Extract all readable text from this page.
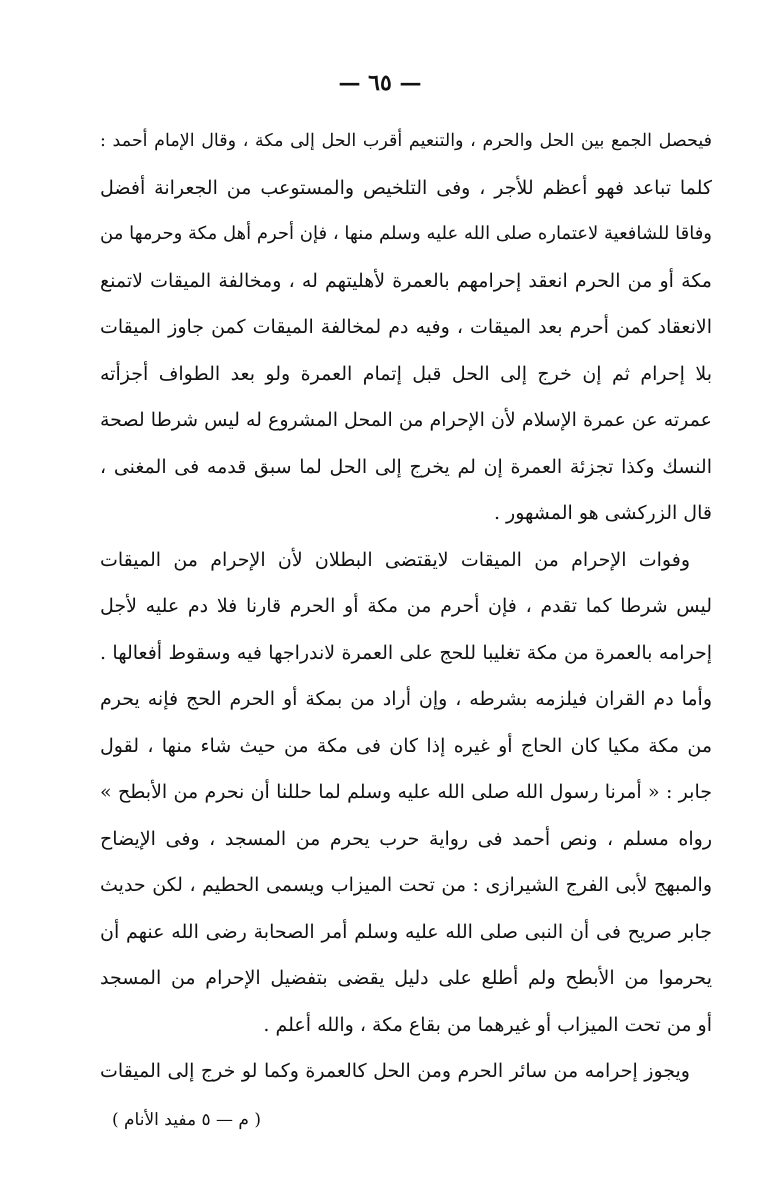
— ٦٥ —
فيحصل الجمع بين الحل والحرم ، والتنعيم أقرب الحل إلى مكة ، وقال الإمام أحمد :
كلما تباعد فهو أعظم للأجر ، وفى التلخيص والمستوعب من الجعرانة أفضل
وفاقا للشافعية لاعتماره صلى الله عليه وسلم منها ، فإن أحرم أهل مكة وحرمها من
مكة أو من الحرم انعقد إحرامهم بالعمرة لأهليتهم له ، ومخالفة الميقات لاتمنع
الانعقاد كمن أحرم بعد الميقات ، وفيه دم لمخالفة الميقات كمن جاوز الميقات
بلا إحرام ثم إن خرج إلى الحل قبل إتمام العمرة ولو بعد الطواف أجزأته
عمرته عن عمرة الإسلام لأن الإحرام من المحل المشروع له ليس شرطا لصحة
النسك وكذا تجزئة العمرة إن لم يخرج إلى الحل لما سبق قدمه فى المغنى ،
قال الزركشى هو المشهور .
وفوات الإحرام من الميقات لايقتضى البطلان لأن الإحرام من الميقات
ليس شرطا كما تقدم ، فإن أحرم من مكة أو الحرم قارنا فلا دم عليه لأجل
إحرامه بالعمرة من مكة تغليبا للحج على العمرة لاندراجها فيه وسقوط أفعالها .
وأما دم القران فيلزمه بشرطه ، وإن أراد من بمكة أو الحرم الحج فإنه يحرم
من مكة مكيا كان الحاج أو غيره إذا كان فى مكة من حيث شاء منها ، لقول
جابر : « أمرنا رسول الله صلى الله عليه وسلم لما حللنا أن نحرم من الأبطح »
رواه مسلم ، ونص أحمد فى رواية حرب يحرم من المسجد ، وفى الإيضاح
والمبهج لأبى الفرج الشيرازى : من تحت الميزاب ويسمى الحطيم ، لكن حديث
جابر صريح فى أن النبى صلى الله عليه وسلم أمر الصحابة رضى الله عنهم أن
يحرموا من الأبطح ولم أطلع على دليل يقضى بتفضيل الإحرام من المسجد
أو من تحت الميزاب أو غيرهما من بقاع مكة ، والله أعلم .
ويجوز إحرامه من سائر الحرم ومن الحل كالعمرة وكما لو خرج إلى الميقات
( م — ٥ مفيد الأنام )
